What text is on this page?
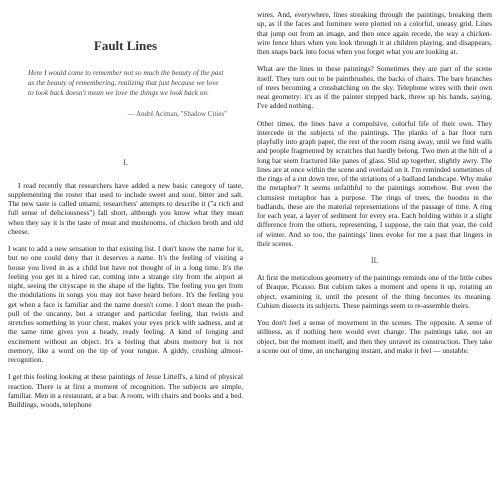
Fault Lines
Here I would come to remember not so much the beauty of the past as the beauty of remembering, realizing that just because we love to look back doesn't mean we love the things we look back on.
— André Aciman, "Shadow Cities"
I.

I read recently that researchers have added a new basic category of taste, supplementing the roster that used to include sweet and sour, bitter and salt. The new taste is called umami; researchers' attempts to describe it ("a rich and full sense of deliciousness") fall short, although you know what they mean when they say it is the taste of meat and mushrooms, of chicken broth and old cheese.

I want to add a new sensation to that existing list. I don't know the name for it, but no one could deny that it deserves a name. It's the feeling of visiting a house you lived in as a child but have not thought of in a long time. It's the feeling you get in a hired car, coming into a strange city from the airport at night, seeing the cityscape in the shape of the lights. The feeling you get from the modulations in songs you may not have heard before. It's the feeling you get when a face is familiar and the name doesn't come. I don't mean the push-pull of the uncanny, but a stranger and particular feeling, that twists and stretches something in your chest, makes your eyes prick with sadness, and at the same time gives you a heady, ready feeling. A kind of longing and excitement without an object. It's a feeling that abuts memory but is not memory, like a word on the tip of your tongue. A giddy, crushing almost-recognition.

I get this feeling looking at these paintings of Jesse Littell's, a kind of physical reaction. There is at first a moment of recognition. The subjects are simple, familiar. Men in a restaurant, at a bar. A room, with chairs and books and a bed. Buildings, woods, telephone

wires. And, everywhere, lines streaking through the paintings, breaking them up, as if the faces and furniture were plotted on a colorful, uneasy grid. Lines that jump out from an image, and then once again recede, the way a chicken-wire fence blurs when you look through it at children playing, and disappears, then snaps back into focus when you forget what you are looking at.

What are the lines in these paintings? Sometimes they are part of the scene itself. They turn out to be paintbrushes, the backs of chairs. The bare branches of trees becoming a crosshatching on the sky. Telephone wires with their own neat geometry: it's as if the painter stepped back, threw up his hands, saying, I've added nothing.

Other times, the lines have a compulsive, colorful life of their own. They intercede in the subjects of the paintings. The planks of a bar floor turn playfully into graph paper, the rest of the room rising away, until we find walls and people fragmented by scratches that hardly belong. Two men at the hilt of a long bar seem fractured like panes of glass. Slid up together, slightly awry. The lines are at once within the scene and overlaid on it. I'm reminded sometimes of the rings of a cut down tree, of the striations of a badland landscape. Why make the metaphor? It seems unfaithful to the paintings somehow. But even the clumsiest metaphor has a purpose. The rings of trees, the hoodos in the badlands, these are the material representations of the passage of time. A ring for each year, a layer of sediment for every era. Each holding within it a slight difference from the others, representing, I suppose, the rain that year, the cold of winter. And so too, the paintings' lines evoke for me a past that lingers in their scenes.

II.

At first the meticulous geometry of the paintings reminds one of the little cubes of Braque, Picasso. But cubism takes a moment and opens it up, rotating an object, examining it, until the present of the thing becomes its meaning. Cubism dissects its subjects. These paintings seem to re-assemble theirs.

You don't feel a sense of movement in the scenes. The opposite. A sense of stillness, as if nothing here would ever change. The paintings take, not an object, but the moment itself, and then they unravel its construction. They take a scene out of time, an unchanging instant, and make it feel — unstable.
